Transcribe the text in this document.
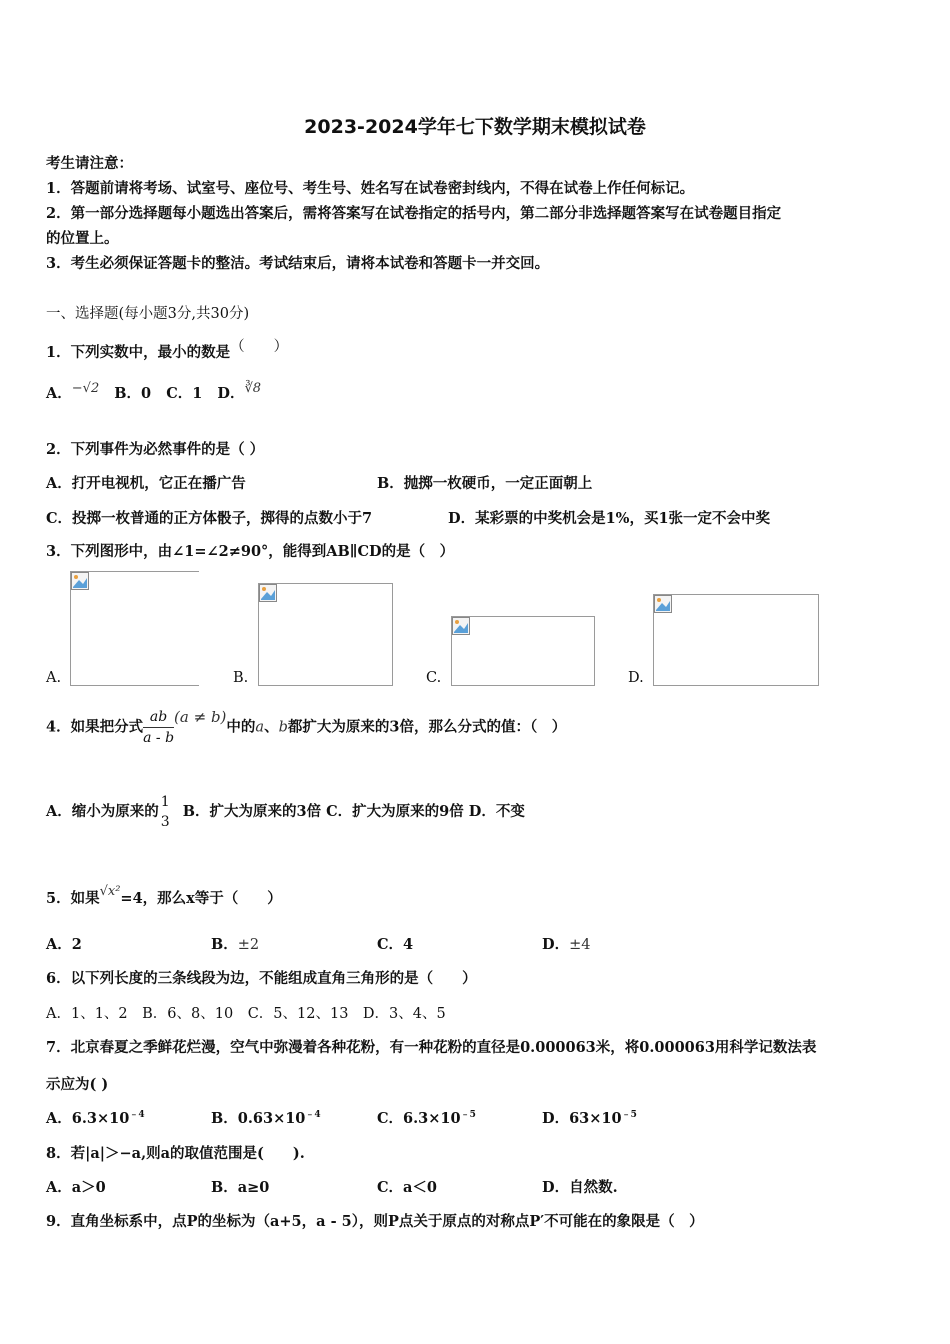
2023-2024学年七下数学期末模拟试卷
考生请注意：
1．答题前请将考场、试室号、座位号、考生号、姓名写在试卷密封线内，不得在试卷上作任何标记。
2．第一部分选择题每小题选出答案后，需将答案写在试卷指定的括号内，第二部分非选择题答案写在试卷题目指定
的位置上。
3．考生必须保证答题卡的整洁。考试结束后，请将本试卷和答题卡一并交回。
一、选择题(每小题3分,共30分)
1．下列实数中，最小的数是（　　）
A．−√2 B．0 C．1 D．∛8
2．下列事件为必然事件的是（ ）
A．打开电视机，它正在播广告	B．抛掷一枚硬币，一定正面朝上
C．投掷一枚普通的正方体骰子，掷得的点数小于7	D．某彩票的中奖机会是1%，买1张一定不会中奖
3．下列图形中，由∠1=∠2≠90°，能得到AB∥CD的是（　）
A.	B.	C.	D.
4．如果把分式 $\frac{ab}{a - b} (a \ne b)$中的a、b都扩大为原来的3倍，那么分式的值：（　）
A．缩小为原来的
1
3
B．扩大为原来的3倍 C．扩大为原来的9倍 D．不变
5．如果√x²=4，那么x等于（　　）
A．2	B．±2	C．4	D．±4
6．以下列长度的三条线段为边，不能组成直角三角形的是（　　）
A．1、1、2　B．6、8、10　C．5、12、13　D．3、4、5
7．北京春夏之季鲜花烂漫，空气中弥漫着各种花粉，有一种花粉的直径是0.000063米，将0.000063用科学记数法表
示应为( )
A．$6.3\times 10^{﹣4}$	B．$0.63\times 10^{﹣4}$	C．$6.3\times 10^{﹣5}$	D．$63\times 10^{﹣5}$
8．若|a|＞−a,则a的取值范围是(　　).
A．a＞0	B．a≥0	C．a＜0	D．自然数.
9．直角坐标系中，点P的坐标为（a+5，a - 5），则P点关于原点的对称点P′不可能在的象限是（　）
